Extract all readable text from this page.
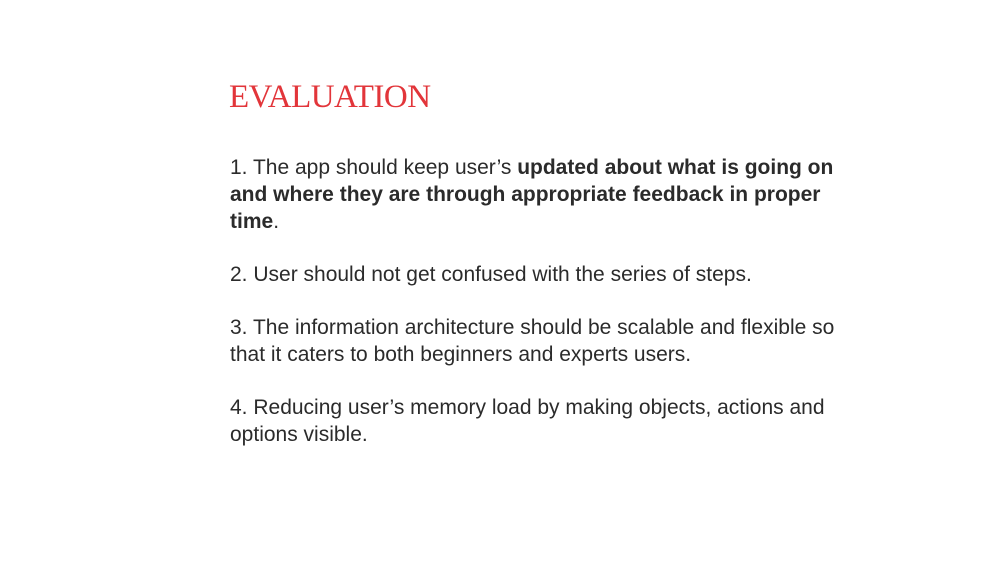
EVALUATION
1. The app should keep user’s updated about what is going on and where they are through appropriate feedback in proper time.
2. User should not get confused with the series of steps.
3. The information architecture should be scalable and flexible so that it caters to both beginners and experts users.
4. Reducing user’s memory load by making objects, actions and options visible.
